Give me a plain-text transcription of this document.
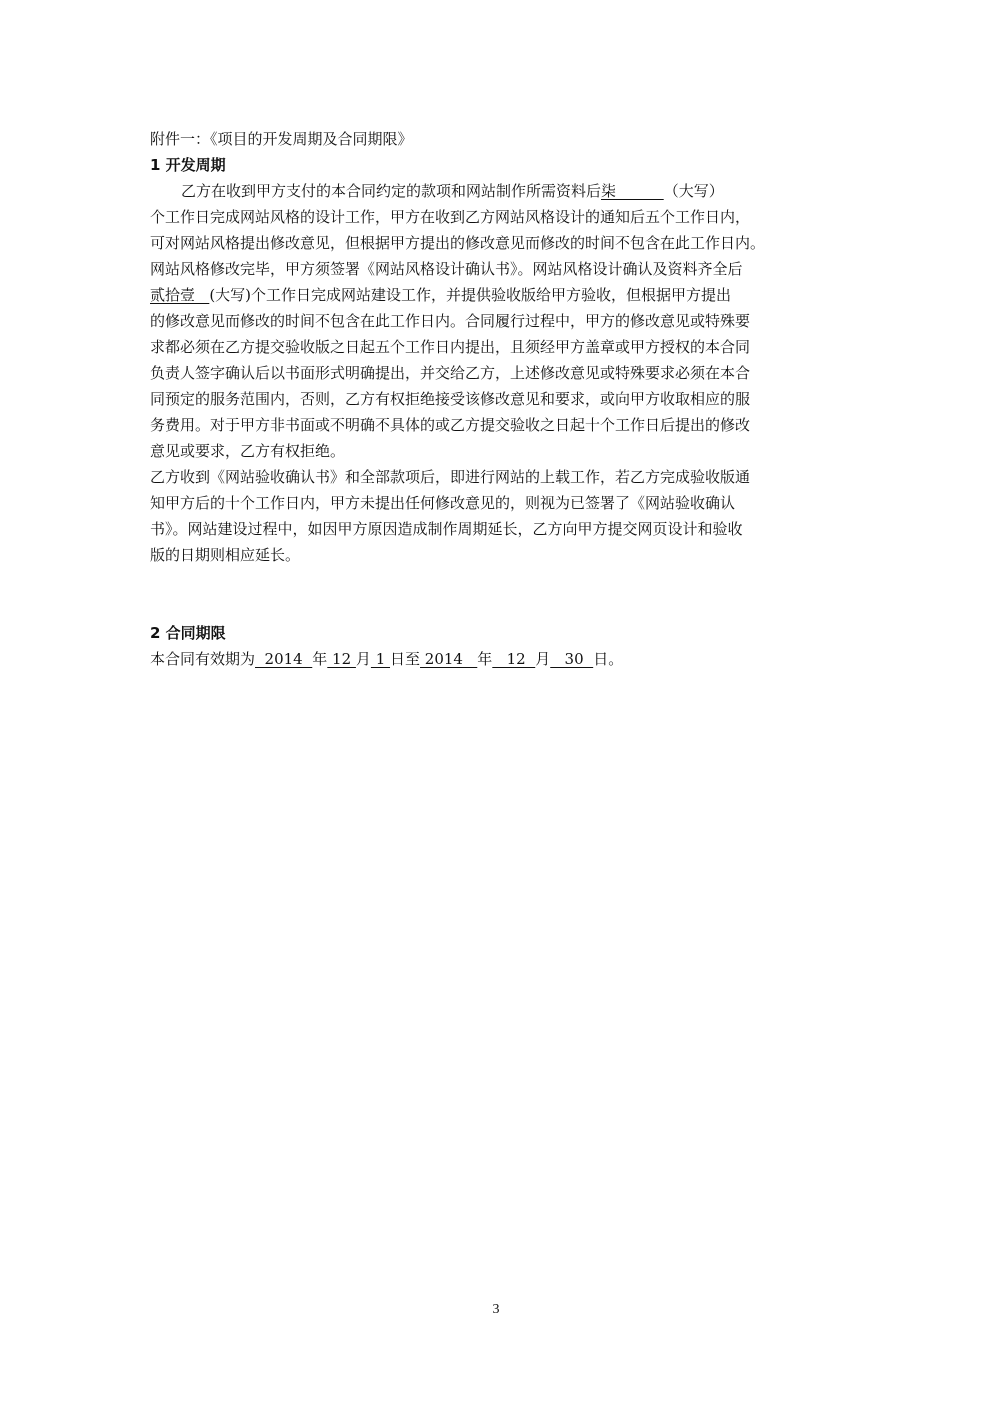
附件一：《项目的开发周期及合同期限》
1 开发周期
乙方在收到甲方支付的本合同约定的款项和网站制作所需资料后柒          （大写）
个工作日完成网站风格的设计工作，甲方在收到乙方网站风格设计的通知后五个工作日内，
可对网站风格提出修改意见，但根据甲方提出的修改意见而修改的时间不包含在此工作日内。
网站风格修改完毕，甲方须签署《网站风格设计确认书》。网站风格设计确认及资料齐全后
贰拾壹   (大写)个工作日完成网站建设工作，并提供验收版给甲方验收，但根据甲方提出
的修改意见而修改的时间不包含在此工作日内。合同履行过程中，甲方的修改意见或特殊要
求都必须在乙方提交验收版之日起五个工作日内提出，且须经甲方盖章或甲方授权的本合同
负责人签字确认后以书面形式明确提出，并交给乙方，上述修改意见或特殊要求必须在本合
同预定的服务范围内，否则，乙方有权拒绝接受该修改意见和要求，或向甲方收取相应的服
务费用。对于甲方非书面或不明确不具体的或乙方提交验收之日起十个工作日后提出的修改
意见或要求，乙方有权拒绝。
乙方收到《网站验收确认书》和全部款项后，即进行网站的上载工作，若乙方完成验收版通
知甲方后的十个工作日内，甲方未提出任何修改意见的，则视为已签署了《网站验收确认
书》。网站建设过程中，如因甲方原因造成制作周期延长，乙方向甲方提交网页设计和验收
版的日期则相应延长。
2 合同期限
本合同有效期为  2014  年 12 月 1 日至 2014   年   12  月   30  日。
3
